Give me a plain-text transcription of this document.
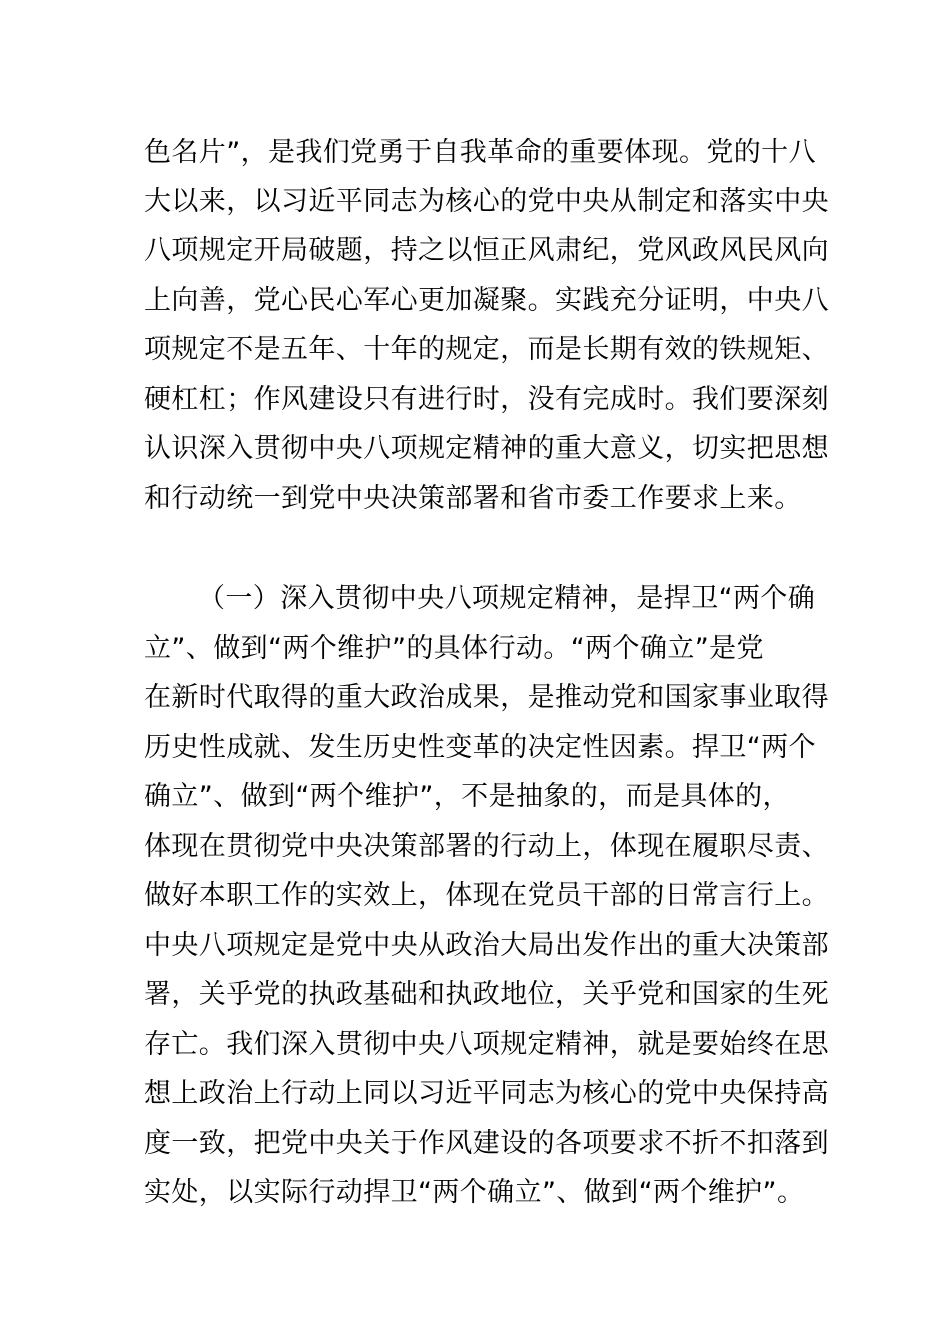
色名片”，是我们党勇于自我革命的重要体现。党的十八
大以来，以习近平同志为核心的党中央从制定和落实中央
八项规定开局破题，持之以恒正风肃纪，党风政风民风向
上向善，党心民心军心更加凝聚。实践充分证明，中央八
项规定不是五年、十年的规定，而是长期有效的铁规矩、
硬杠杠；作风建设只有进行时，没有完成时。我们要深刻
认识深入贯彻中央八项规定精神的重大意义，切实把思想
和行动统一到党中央决策部署和省市委工作要求上来。
（一）深入贯彻中央八项规定精神，是捍卫“两个确
立”、做到“两个维护”的具体行动。“两个确立”是党
在新时代取得的重大政治成果，是推动党和国家事业取得
历史性成就、发生历史性变革的决定性因素。捍卫“两个
确立”、做到“两个维护”，不是抽象的，而是具体的，
体现在贯彻党中央决策部署的行动上，体现在履职尽责、
做好本职工作的实效上，体现在党员干部的日常言行上。
中央八项规定是党中央从政治大局出发作出的重大决策部
署，关乎党的执政基础和执政地位，关乎党和国家的生死
存亡。我们深入贯彻中央八项规定精神，就是要始终在思
想上政治上行动上同以习近平同志为核心的党中央保持高
度一致，把党中央关于作风建设的各项要求不折不扣落到
实处，以实际行动捍卫“两个确立”、做到“两个维护”。
